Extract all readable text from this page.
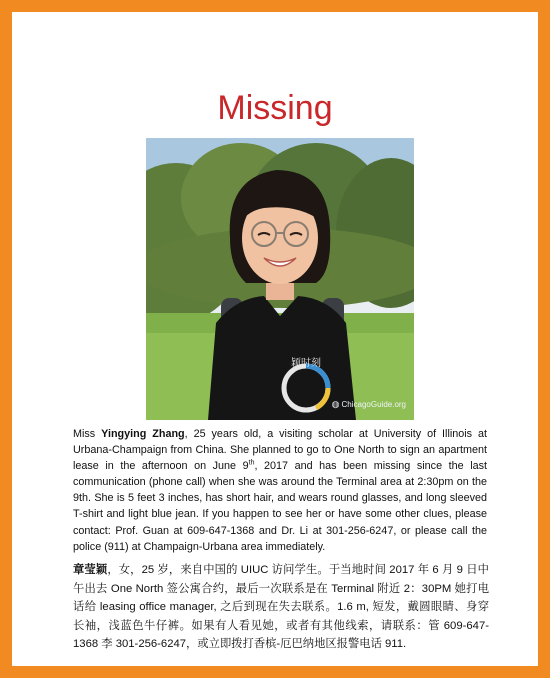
Missing
颖时刻
◍ ChicagoGuide.org

Miss Yingying Zhang, 25 years old, a visiting scholar at University of Illinois at Urbana-Champaign from China. She planned to go to One North to sign an apartment lease in the afternoon on June 9th, 2017 and has been missing since the last communication (phone call) when she was around the Terminal area at 2:30pm on the 9th. She is 5 feet 3 inches, has short hair, and wears round glasses, and long sleeved T-shirt and light blue jean. If you happen to see her or have some other clues, please contact: Prof. Guan at 609-647-1368 and Dr. Li at 301-256-6247, or please call the police (911) at Champaign-Urbana area immediately.

章莹颖，女，25 岁，来自中国的 UIUC 访问学生。于当地时间 2017 年 6 月 9 日中午出去 One North 签公寓合约，最后一次联系是在 Terminal 附近 2：30PM 她打电话给 leasing office manager, 之后到现在失去联系。1.6 m, 短发，戴圆眼睛、身穿长袖，浅蓝色牛仔裤。如果有人看见她，或者有其他线索，请联系：管 609-647-1368 李 301-256-6247，或立即拨打香槟-厄巴纳地区报警电话 911.
